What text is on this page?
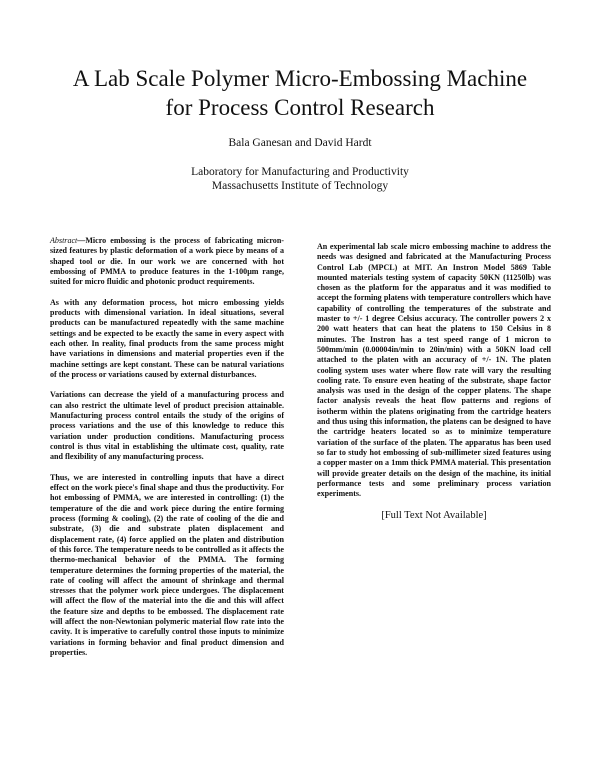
A Lab Scale Polymer Micro-Embossing Machine
for Process Control Research
Bala Ganesan and David Hardt
Laboratory for Manufacturing and Productivity
Massachusetts Institute of Technology

Abstract—Micro embossing is the process of fabricating micron-sized features by plastic deformation of a work piece by means of a shaped tool or die. In our work we are concerned with hot embossing of PMMA to produce features in the 1-100μm range, suited for micro fluidic and photonic product requirements.

As with any deformation process, hot micro embossing yields products with dimensional variation. In ideal situations, several products can be manufactured repeatedly with the same machine settings and be expected to be exactly the same in every aspect with each other. In reality, final products from the same process might have variations in dimensions and material properties even if the machine settings are kept constant. These can be natural variations of the process or variations caused by external disturbances.

Variations can decrease the yield of a manufacturing process and can also restrict the ultimate level of product precision attainable. Manufacturing process control entails the study of the origins of process variations and the use of this knowledge to reduce this variation under production conditions. Manufacturing process control is thus vital in establishing the ultimate cost, quality, rate and flexibility of any manufacturing process.

Thus, we are interested in controlling inputs that have a direct effect on the work piece's final shape and thus the productivity. For hot embossing of PMMA, we are interested in controlling: (1) the temperature of the die and work piece during the entire forming process (forming & cooling), (2) the rate of cooling of the die and substrate, (3) die and substrate platen displacement and displacement rate, (4) force applied on the platen and distribution of this force. The temperature needs to be controlled as it affects the thermo-mechanical behavior of the PMMA. The forming temperature determines the forming properties of the material, the rate of cooling will affect the amount of shrinkage and thermal stresses that the polymer work piece undergoes. The displacement will affect the flow of the material into the die and this will affect the feature size and depths to be embossed. The displacement rate will affect the non-Newtonian polymeric material flow rate into the cavity. It is imperative to carefully control those inputs to minimize variations in forming behavior and final product dimension and properties.

An experimental lab scale micro embossing machine to address the needs was designed and fabricated at the Manufacturing Process Control Lab (MPCL) at MIT. An Instron Model 5869 Table mounted materials testing system of capacity 50KN (11250lb) was chosen as the platform for the apparatus and it was modified to accept the forming platens with temperature controllers which have capability of controlling the temperatures of the substrate and master to +/- 1 degree Celsius accuracy. The controller powers 2 x 200 watt heaters that can heat the platens to 150 Celsius in 8 minutes. The Instron has a test speed range of 1 micron to 500mm/min (0.00004in/min to 20in/min) with a 50KN load cell attached to the platen with an accuracy of +/- 1N. The platen cooling system uses water where flow rate will vary the resulting cooling rate. To ensure even heating of the substrate, shape factor analysis was used in the design of the copper platens. The shape factor analysis reveals the heat flow patterns and regions of isotherm within the platens originating from the cartridge heaters and thus using this information, the platens can be designed to have the cartridge heaters located so as to minimize temperature variation of the surface of the platen. The apparatus has been used so far to study hot embossing of sub-millimeter sized features using a copper master on a 1mm thick PMMA material. This presentation will provide greater details on the design of the machine, its initial performance tests and some preliminary process variation experiments.

[Full Text Not Available]
